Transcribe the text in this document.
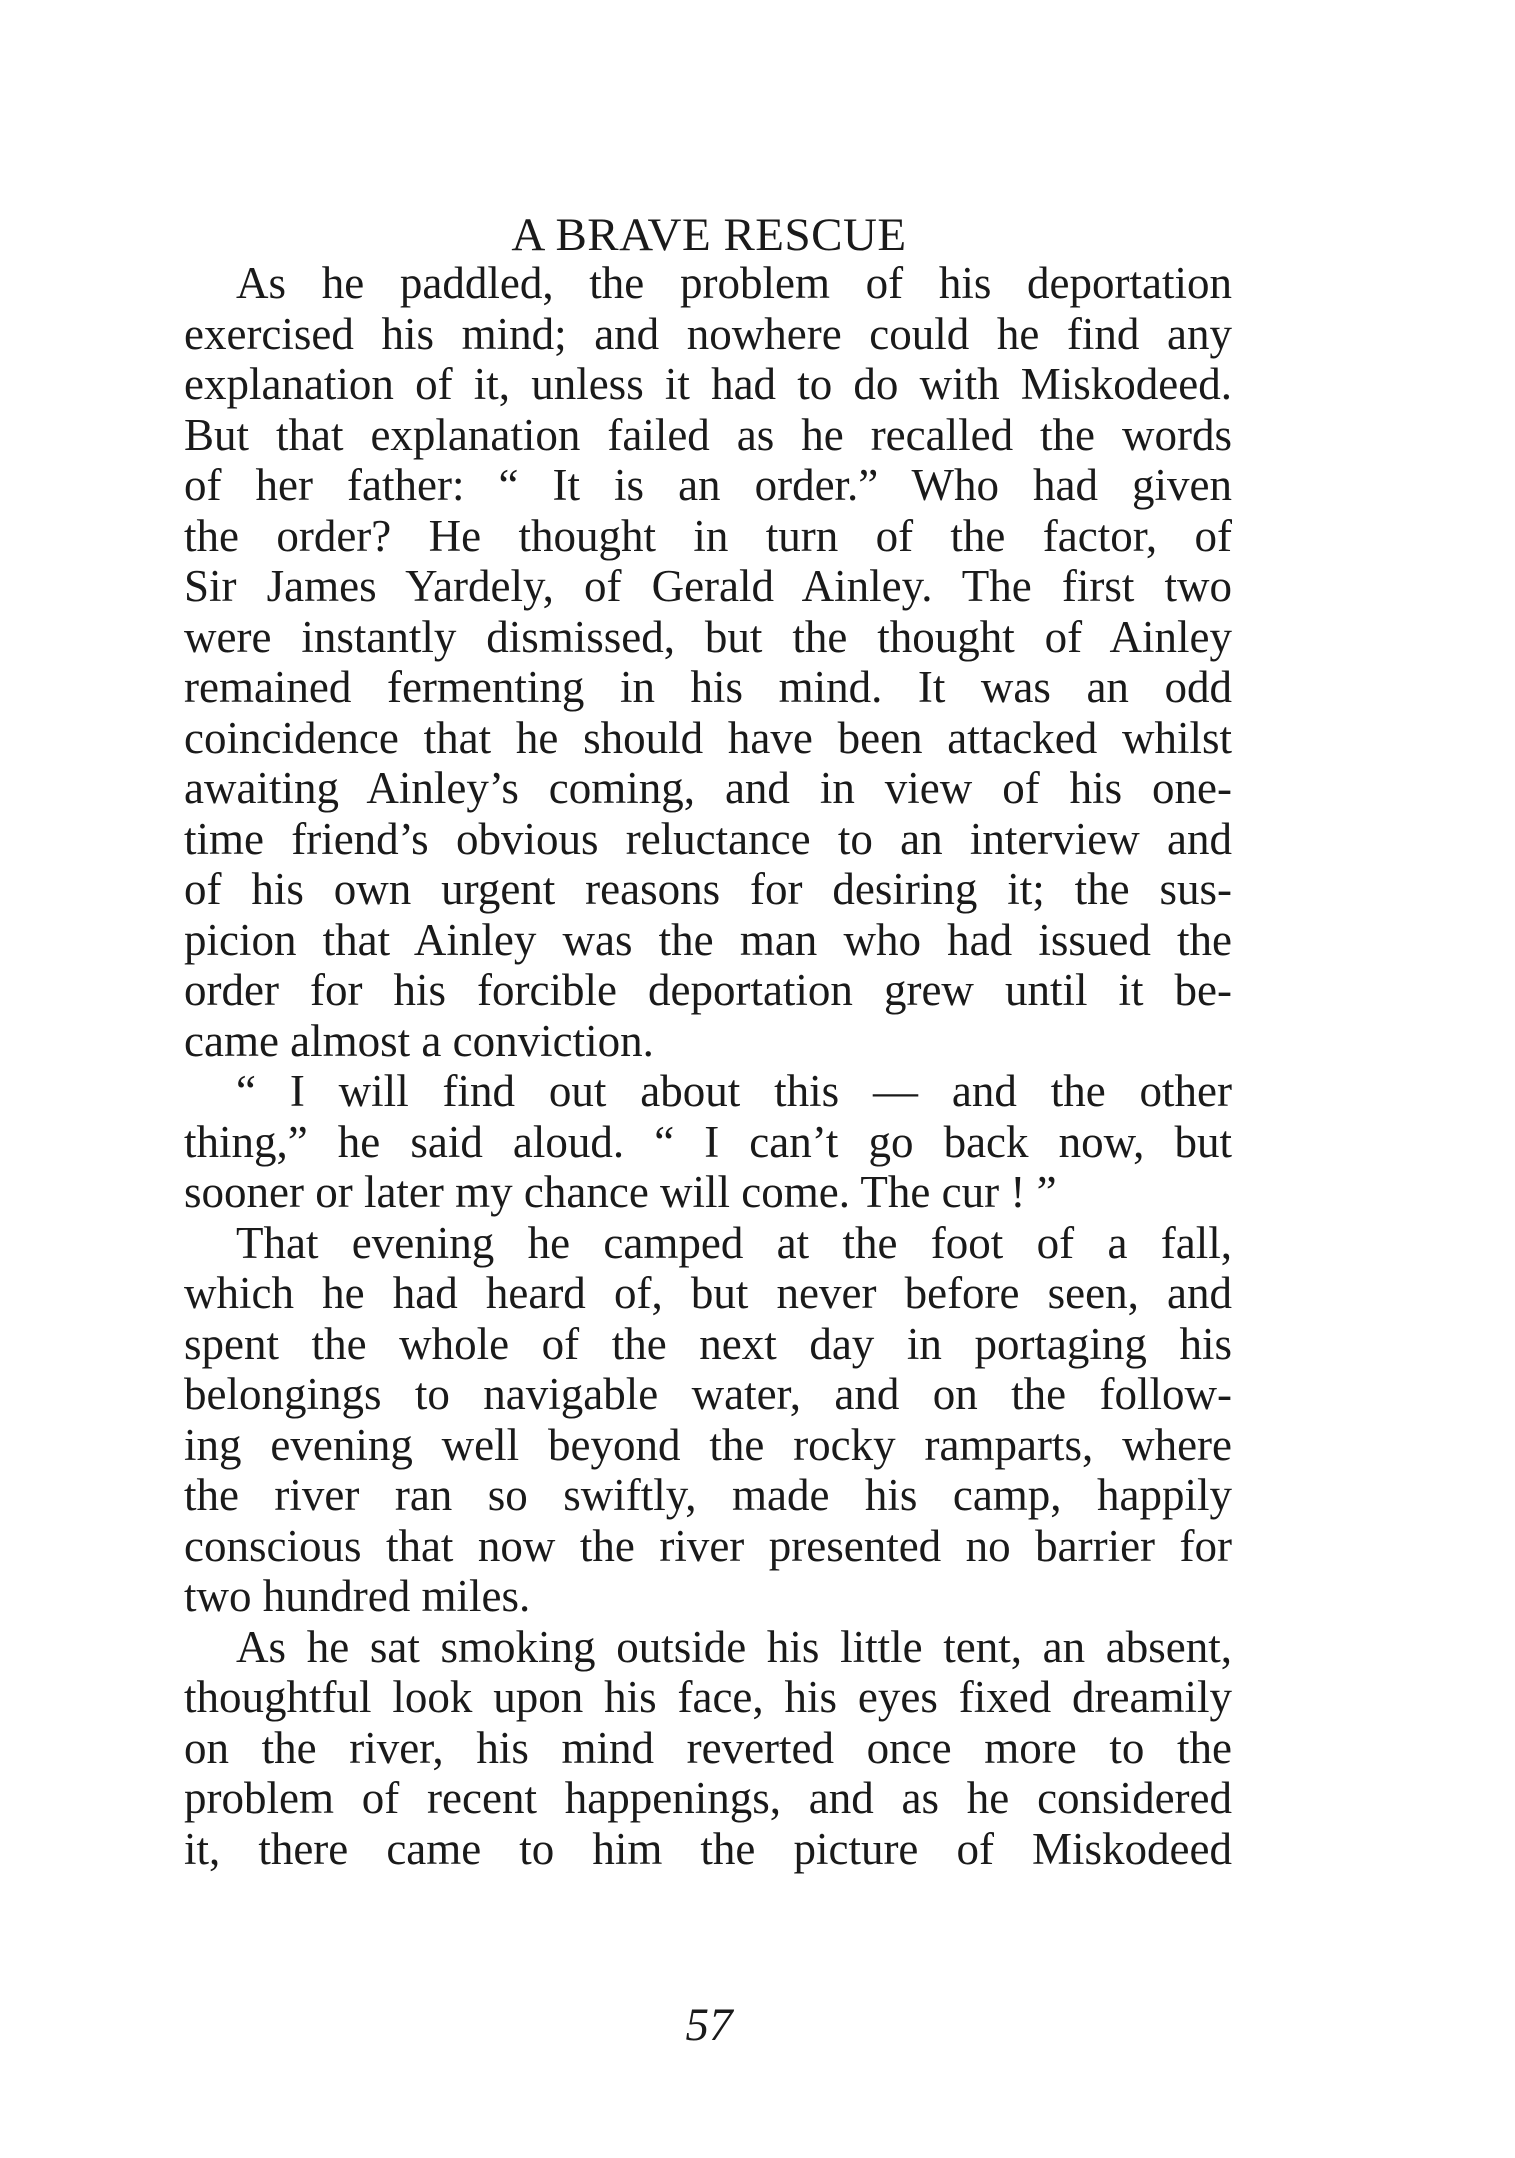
A BRAVE RESCUE
As he paddled, the problem of his deportation
exercised his mind; and nowhere could he find any
explanation of it, unless it had to do with Miskodeed.
But that explanation failed as he recalled the words
of her father: “ It is an order.” Who had given
the order? He thought in turn of the factor, of
Sir James Yardely, of Gerald Ainley. The first two
were instantly dismissed, but the thought of Ainley
remained fermenting in his mind. It was an odd
coincidence that he should have been attacked whilst
awaiting Ainley’s coming, and in view of his one-
time friend’s obvious reluctance to an interview and
of his own urgent reasons for desiring it; the sus-
picion that Ainley was the man who had issued the
order for his forcible deportation grew until it be-
came almost a conviction.
“ I will find out about this — and the other
thing,” he said aloud. “ I can’t go back now, but
sooner or later my chance will come. The cur ! ”
That evening he camped at the foot of a fall,
which he had heard of, but never before seen, and
spent the whole of the next day in portaging his
belongings to navigable water, and on the follow-
ing evening well beyond the rocky ramparts, where
the river ran so swiftly, made his camp, happily
conscious that now the river presented no barrier for
two hundred miles.
As he sat smoking outside his little tent, an absent,
thoughtful look upon his face, his eyes fixed dreamily
on the river, his mind reverted once more to the
problem of recent happenings, and as he considered
it, there came to him the picture of Miskodeed
57
